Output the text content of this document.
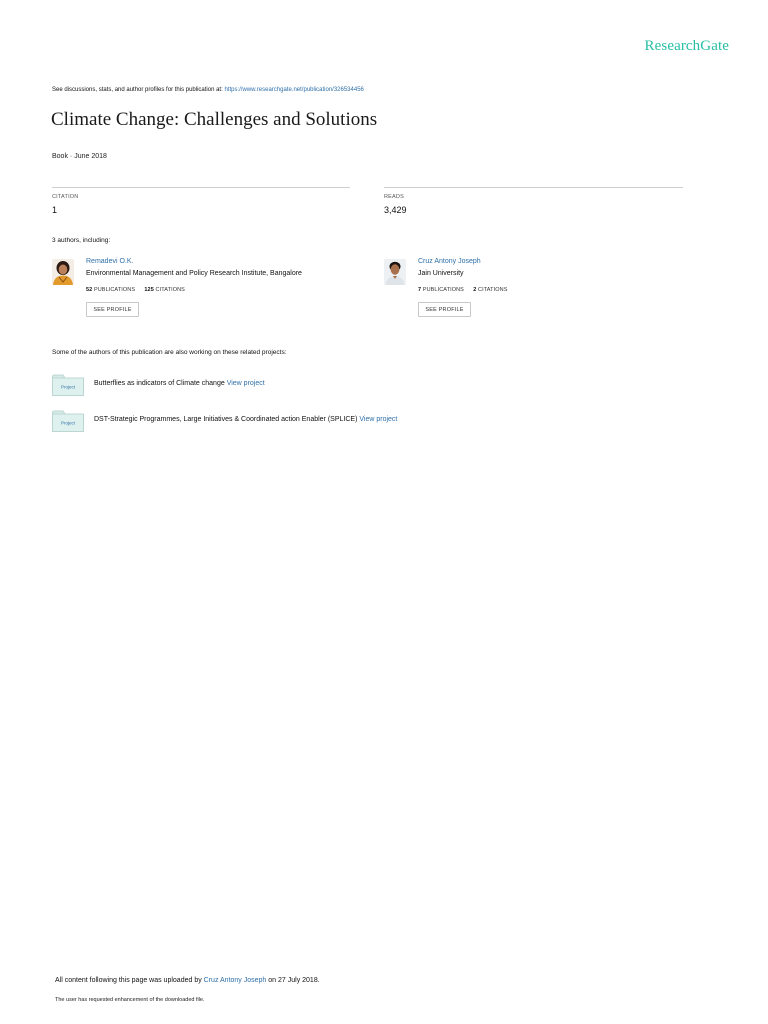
ResearchGate
See discussions, stats, and author profiles for this publication at: https://www.researchgate.net/publication/326534456
Climate Change: Challenges and Solutions
Book · June 2018
CITATION
1
READS
3,429
3 authors, including:
Remadevi O.K.
Environmental Management and Policy Research Institute, Bangalore
52 PUBLICATIONS 125 CITATIONS
SEE PROFILE
Cruz Antony Joseph
Jain University
7 PUBLICATIONS 2 CITATIONS
SEE PROFILE
Some of the authors of this publication are also working on these related projects:
Project	Butterflies as indicators of Climate change View project
Project	DST-Strategic Programmes, Large Initiatives & Coordinated action Enabler (SPLICE) View project
All content following this page was uploaded by Cruz Antony Joseph on 27 July 2018.
The user has requested enhancement of the downloaded file.
